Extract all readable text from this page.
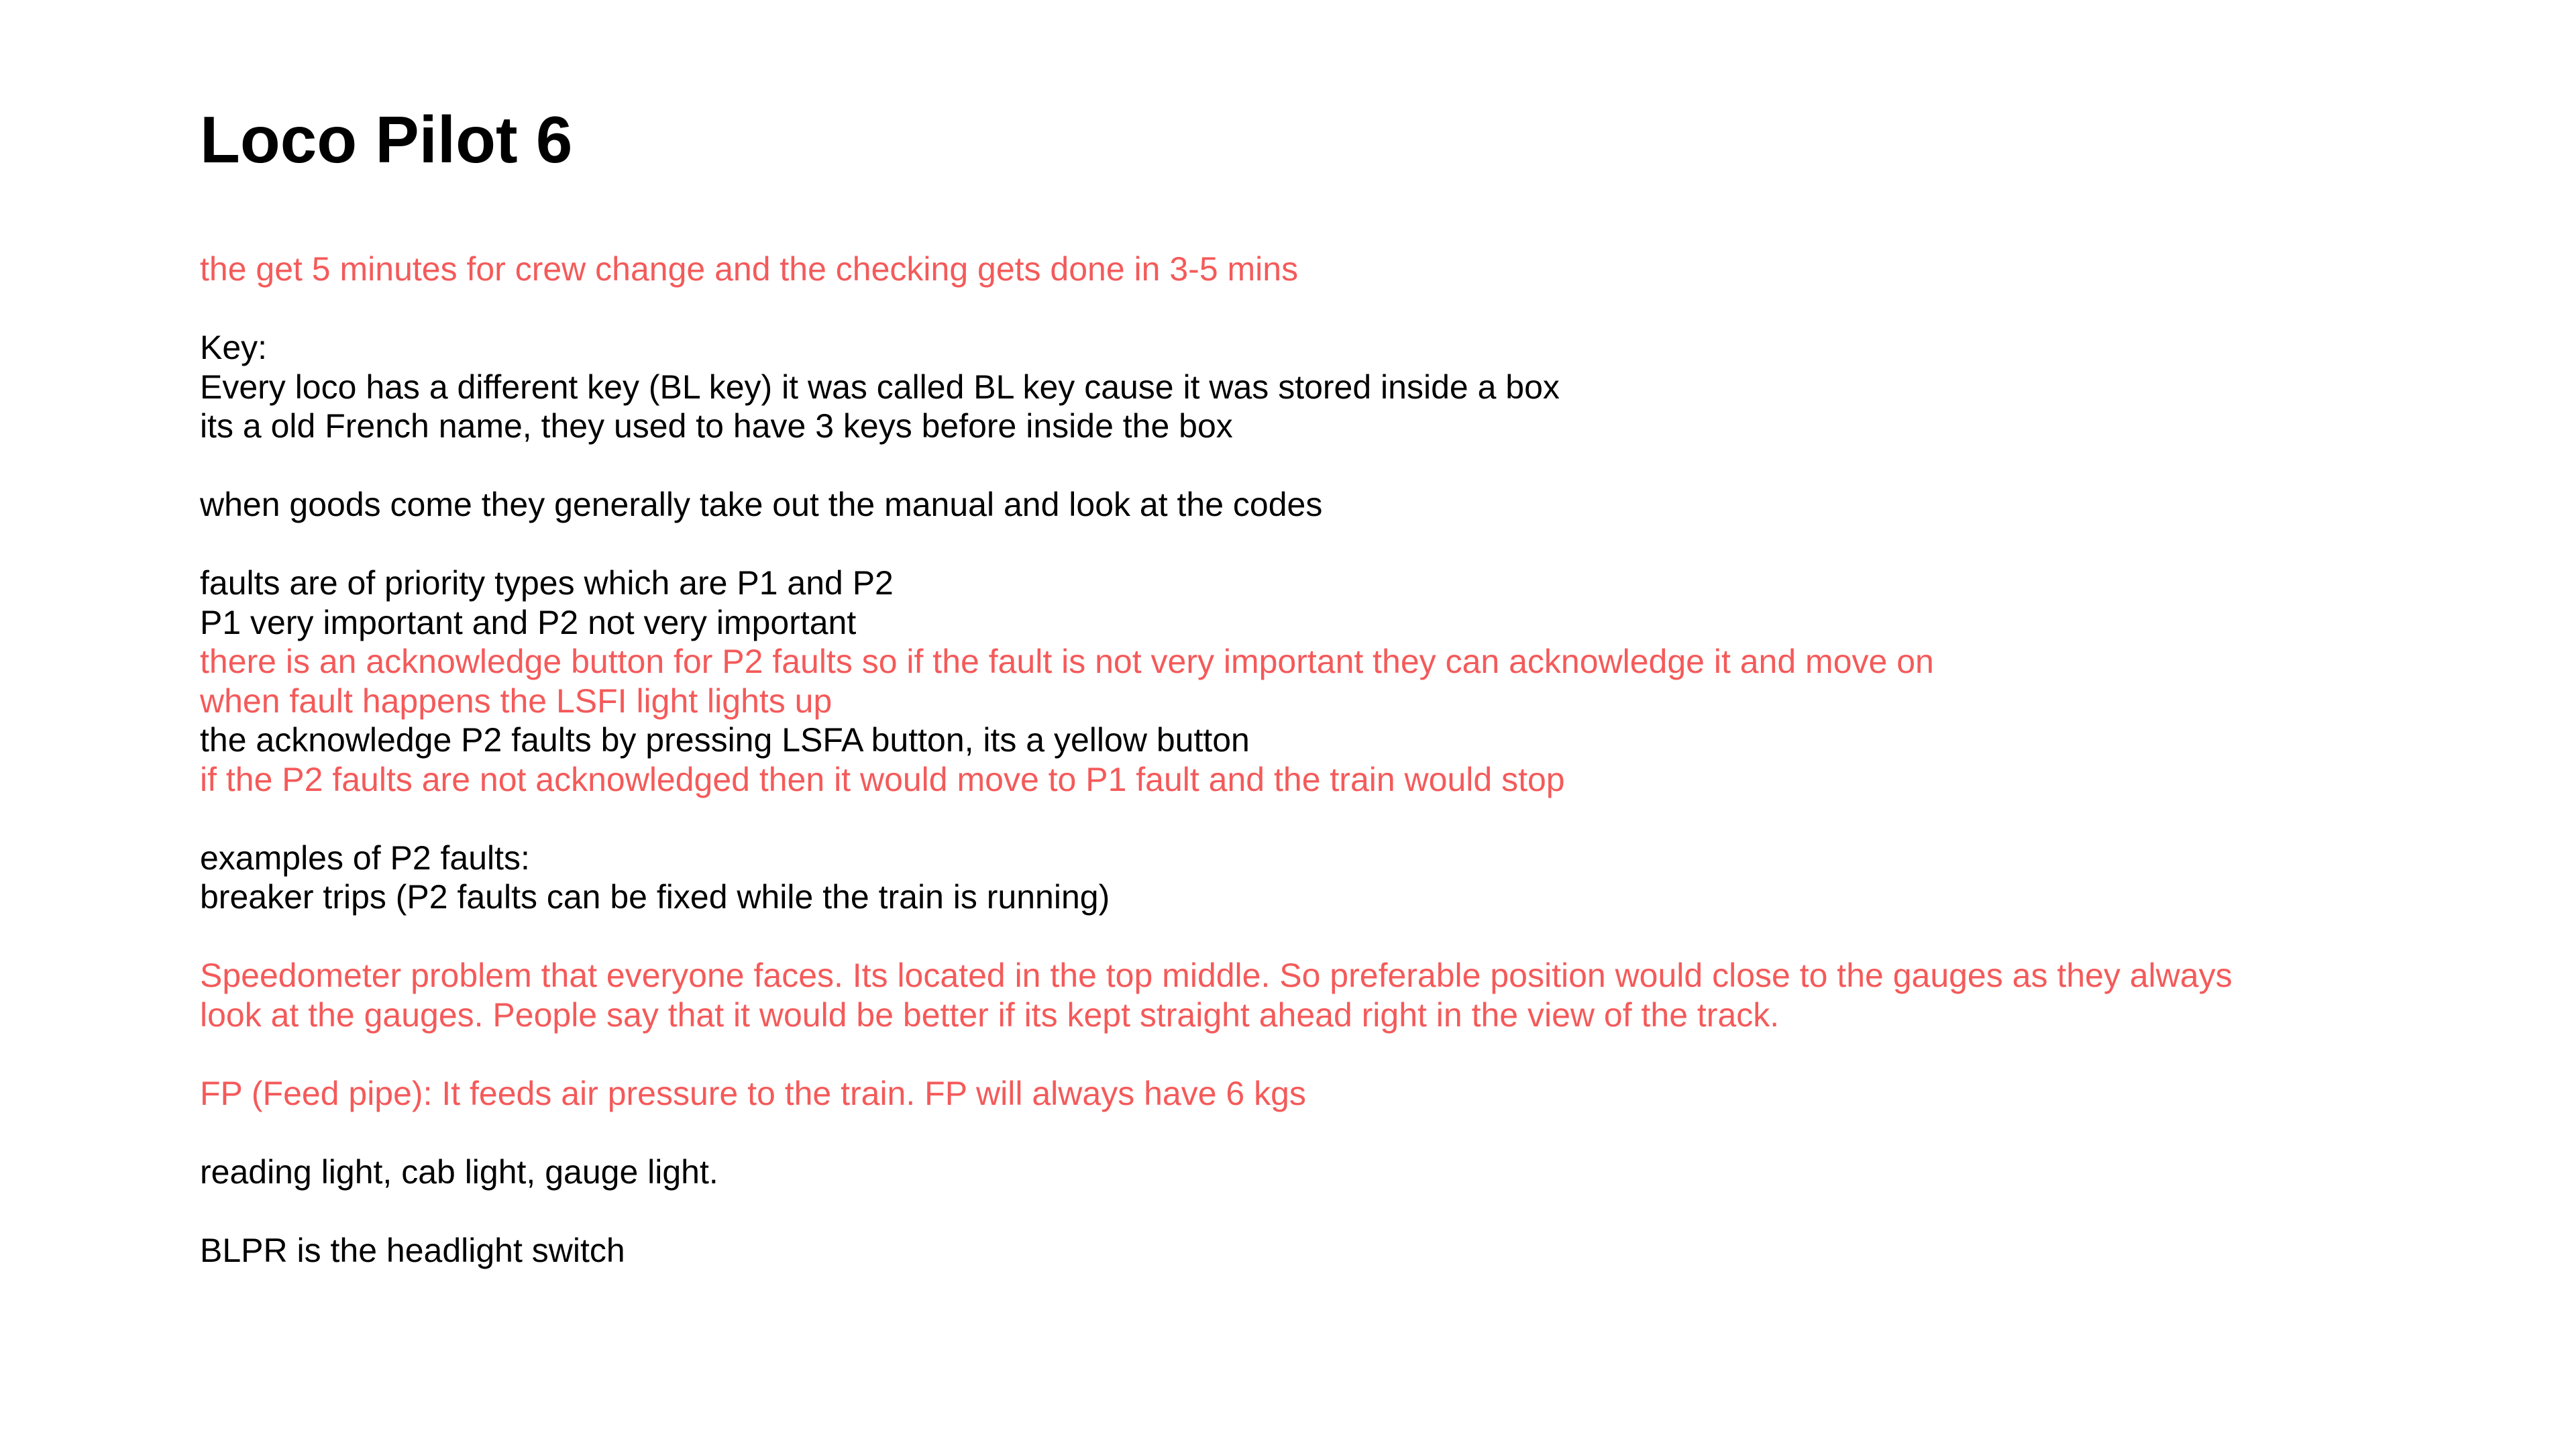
Loco Pilot 6
the get 5 minutes for crew change and the checking gets done in 3-5 mins
Key:
Every loco has a different key (BL key) it was called BL key cause it was stored inside a box
its a old French name, they used to have 3 keys before inside the box
when goods come they generally take out the manual and look at the codes
faults are of priority types which are P1 and P2
P1 very important and P2 not very important
there is an acknowledge button for P2 faults so if the fault is not very important they can acknowledge it and move on
when fault happens the LSFI light lights up
the acknowledge P2 faults by pressing LSFA button, its a yellow button
if the P2 faults are not acknowledged then it would move to P1 fault and the train would stop
examples of P2 faults:
breaker trips (P2 faults can be fixed while the train is running)
Speedometer problem that everyone faces. Its located in the top middle. So preferable position would close to the gauges as they always
look at the gauges. People say that it would be better if its kept straight ahead right in the view of the track.
FP (Feed pipe): It feeds air pressure to the train. FP will always have 6 kgs
reading light, cab light, gauge light.
BLPR is the headlight switch
